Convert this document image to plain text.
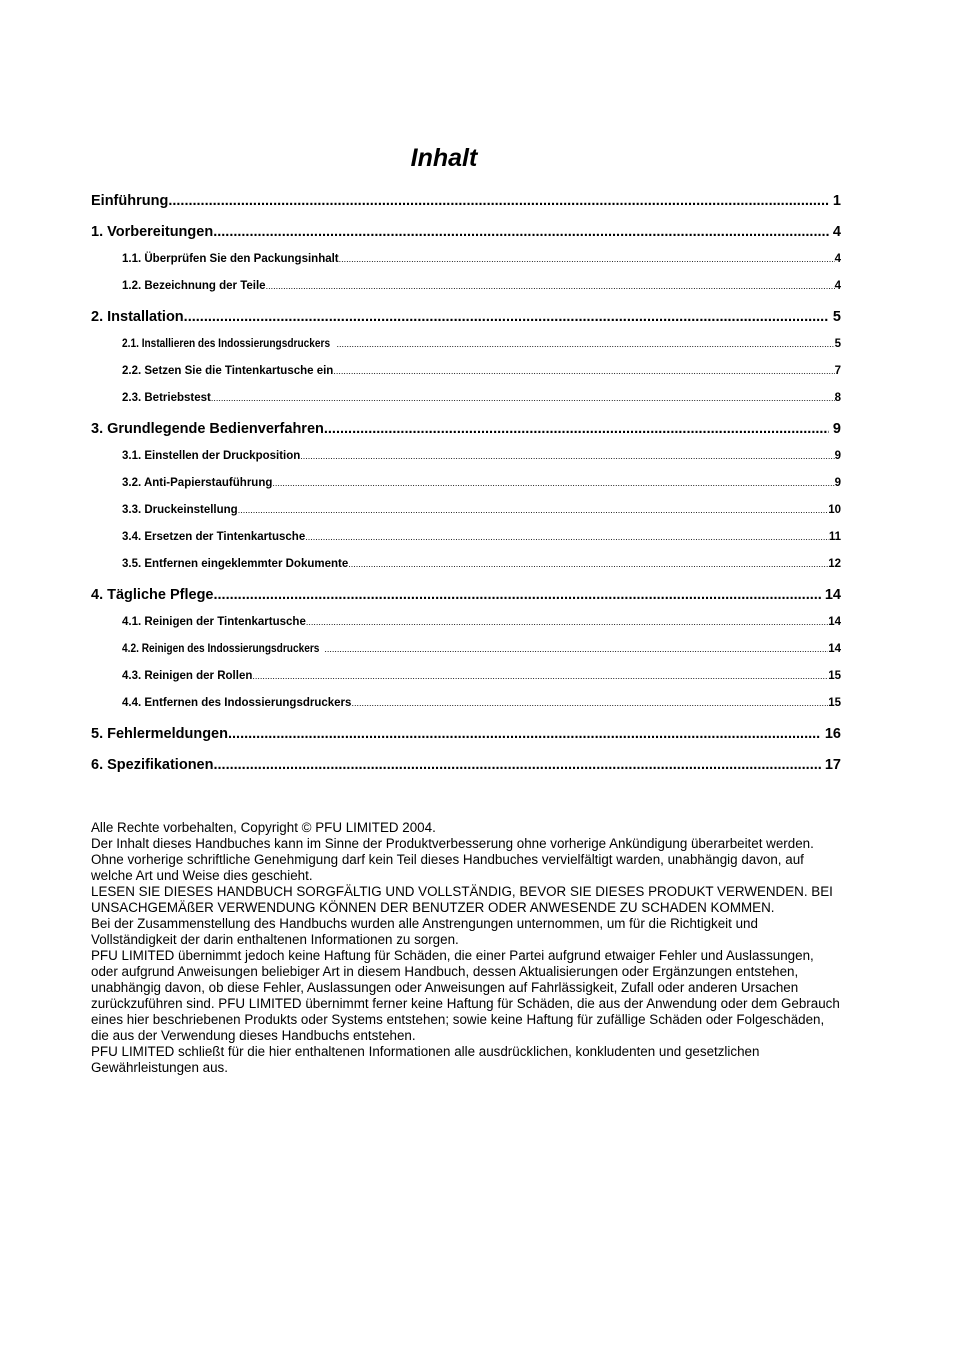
Inhalt
Einführung .....	1
1. Vorbereitungen .....	4
1.1. Überprüfen Sie den Packungsinhalt .....	4
1.2. Bezeichnung der Teile .....	4
2. Installation .....	5
2.1. Installieren des Indossierungsdruckers .....	5
2.2. Setzen Sie die Tintenkartusche ein .....	7
2.3. Betriebstest .....	8
3. Grundlegende Bedienverfahren .....	9
3.1. Einstellen der Druckposition .....	9
3.2. Anti-Papierstauführung .....	9
3.3. Druckeinstellung .....	10
3.4. Ersetzen der Tintenkartusche .....	11
3.5. Entfernen eingeklemmter Dokumente .....	12
4. Tägliche Pflege .....	14
4.1. Reinigen der Tintenkartusche .....	14
4.2. Reinigen des Indossierungsdruckers .....	14
4.3. Reinigen der Rollen .....	15
4.4. Entfernen des Indossierungsdruckers .....	15
5. Fehlermeldungen .....	16
6. Spezifikationen .....	17

Alle Rechte vorbehalten, Copyright © PFU LIMITED 2004.

Der Inhalt dieses Handbuches kann im Sinne der Produktverbesserung ohne vorherige Ankündigung überarbeitet werden.

Ohne vorherige schriftliche Genehmigung darf kein Teil dieses Handbuches vervielfältigt warden, unabhängig davon, auf welche Art und Weise dies geschieht.

LESEN SIE DIESES HANDBUCH SORGFÄLTIG UND VOLLSTÄNDIG, BEVOR SIE DIESES PRODUKT VERWENDEN. BEI UNSACHGEMÄßER VERWENDUNG KÖNNEN DER BENUTZER ODER ANWESENDE ZU SCHADEN KOMMEN.

Bei der Zusammenstellung des Handbuchs wurden alle Anstrengungen unternommen, um für die Richtigkeit und Vollständigkeit der darin enthaltenen Informationen zu sorgen.

PFU LIMITED übernimmt jedoch keine Haftung für Schäden, die einer Partei aufgrund etwaiger Fehler und Auslassungen, oder aufgrund Anweisungen beliebiger Art in diesem Handbuch, dessen Aktualisierungen oder Ergänzungen entstehen, unabhängig davon, ob diese Fehler, Auslassungen oder Anweisungen auf Fahrlässigkeit, Zufall oder anderen Ursachen zurückzuführen sind. PFU LIMITED übernimmt ferner keine Haftung für Schäden, die aus der Anwendung oder dem Gebrauch eines hier beschriebenen Produkts oder Systems entstehen; sowie keine Haftung für zufällige Schäden oder Folgeschäden, die aus der Verwendung dieses Handbuchs entstehen.

PFU LIMITED schließt für die hier enthaltenen Informationen alle ausdrücklichen, konkludenten und gesetzlichen Gewährleistungen aus.
